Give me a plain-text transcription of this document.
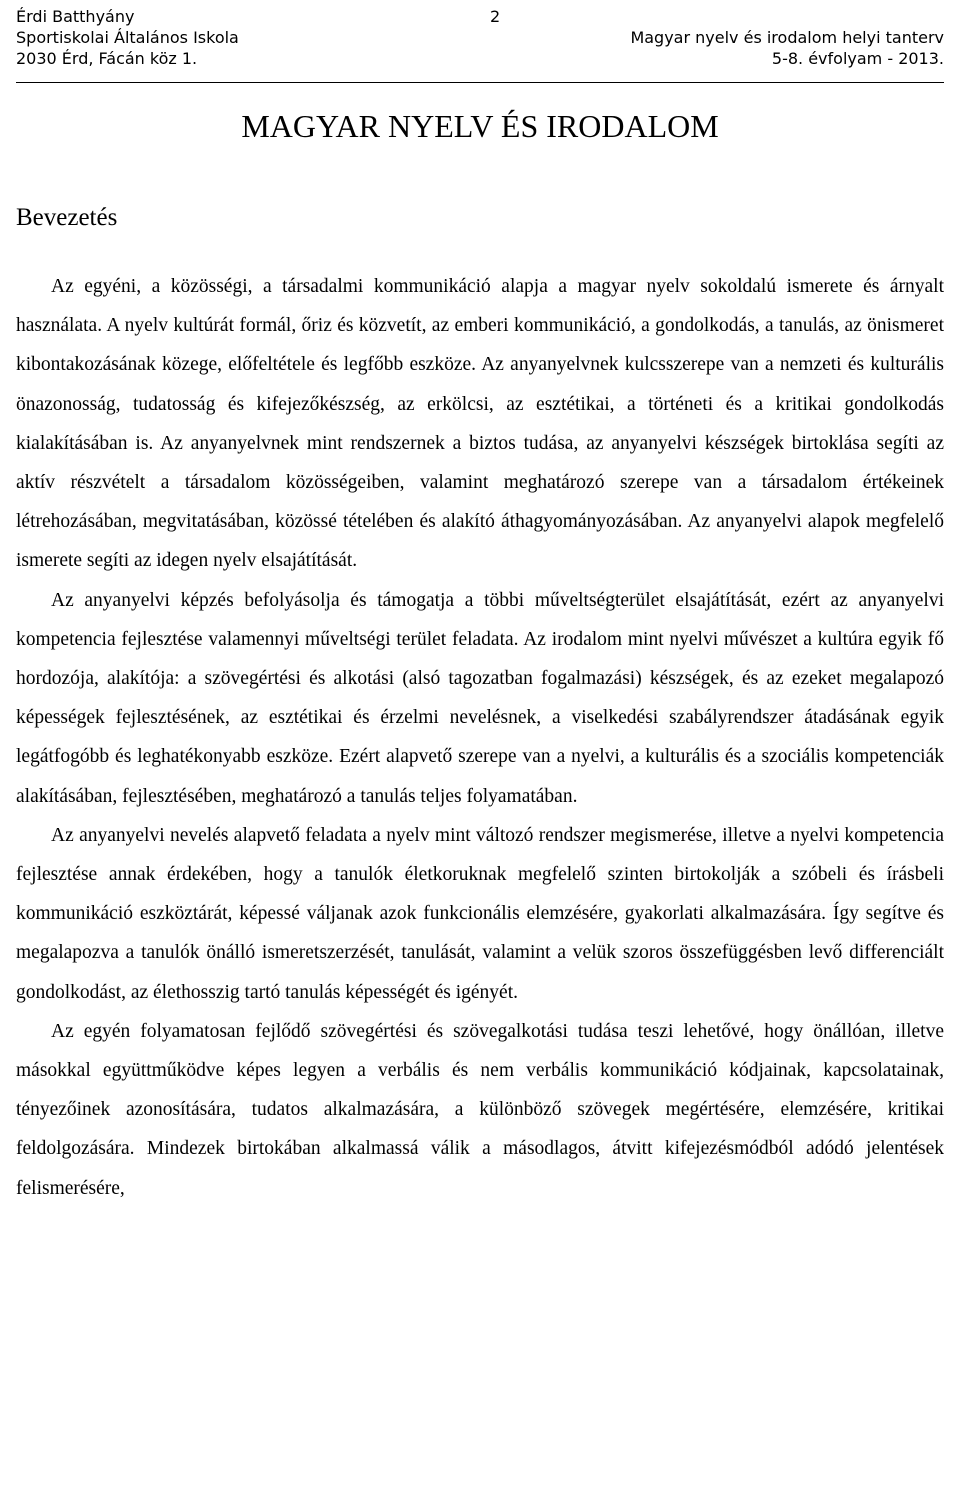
Érdi Batthyány
Sportiskolai Általános Iskola
2030 Érd, Fácán köz 1.
2
Magyar nyelv és irodalom helyi tanterv
5-8. évfolyam - 2013.
MAGYAR NYELV ÉS IRODALOM
Bevezetés

Az egyéni, a közösségi, a társadalmi kommunikáció alapja a magyar nyelv sokoldalú ismerete és árnyalt használata. A nyelv kultúrát formál, őriz és közvetít, az emberi kommunikáció, a gondolkodás, a tanulás, az önismeret kibontakozásának közege, előfeltétele és legfőbb eszköze. Az anyanyelvnek kulcsszerepe van a nemzeti és kulturális önazonosság, tudatosság és kifejezőkészség, az erkölcsi, az esztétikai, a történeti és a kritikai gondolkodás kialakításában is. Az anyanyelvnek mint rendszernek a biztos tudása, az anyanyelvi készségek birtoklása segíti az aktív részvételt a társadalom közösségeiben, valamint meghatározó szerepe van a társadalom értékeinek létrehozásában, megvitatásában, közössé tételében és alakító áthagyományozásában. Az anyanyelvi alapok megfelelő ismerete segíti az idegen nyelv elsajátítását.

Az anyanyelvi képzés befolyásolja és támogatja a többi műveltségterület elsajátítását, ezért az anyanyelvi kompetencia fejlesztése valamennyi műveltségi terület feladata. Az irodalom mint nyelvi művészet a kultúra egyik fő hordozója, alakítója: a szövegértési és alkotási (alsó tagozatban fogalmazási) készségek, és az ezeket megalapozó képességek fejlesztésének, az esztétikai és érzelmi nevelésnek, a viselkedési szabályrendszer átadásának egyik legátfogóbb és leghatékonyabb eszköze. Ezért alapvető szerepe van a nyelvi, a kulturális és a szociális kompetenciák alakításában, fejlesztésében, meghatározó a tanulás teljes folyamatában.

Az anyanyelvi nevelés alapvető feladata a nyelv mint változó rendszer megismerése, illetve a nyelvi kompetencia fejlesztése annak érdekében, hogy a tanulók életkoruknak megfelelő szinten birtokolják a szóbeli és írásbeli kommunikáció eszköztárát, képessé váljanak azok funkcionális elemzésére, gyakorlati alkalmazására. Így segítve és megalapozva a tanulók önálló ismeretszerzését, tanulását, valamint a velük szoros összefüggésben levő differenciált gondolkodást, az élethosszig tartó tanulás képességét és igényét.

Az egyén folyamatosan fejlődő szövegértési és szövegalkotási tudása teszi lehetővé, hogy önállóan, illetve másokkal együttműködve képes legyen a verbális és nem verbális kommunikáció kódjainak, kapcsolatainak, tényezőinek azonosítására, tudatos alkalmazására, a különböző szövegek megértésére, elemzésére, kritikai feldolgozására. Mindezek birtokában alkalmassá válik a másodlagos, átvitt kifejezésmódból adódó jelentések felismerésére,
